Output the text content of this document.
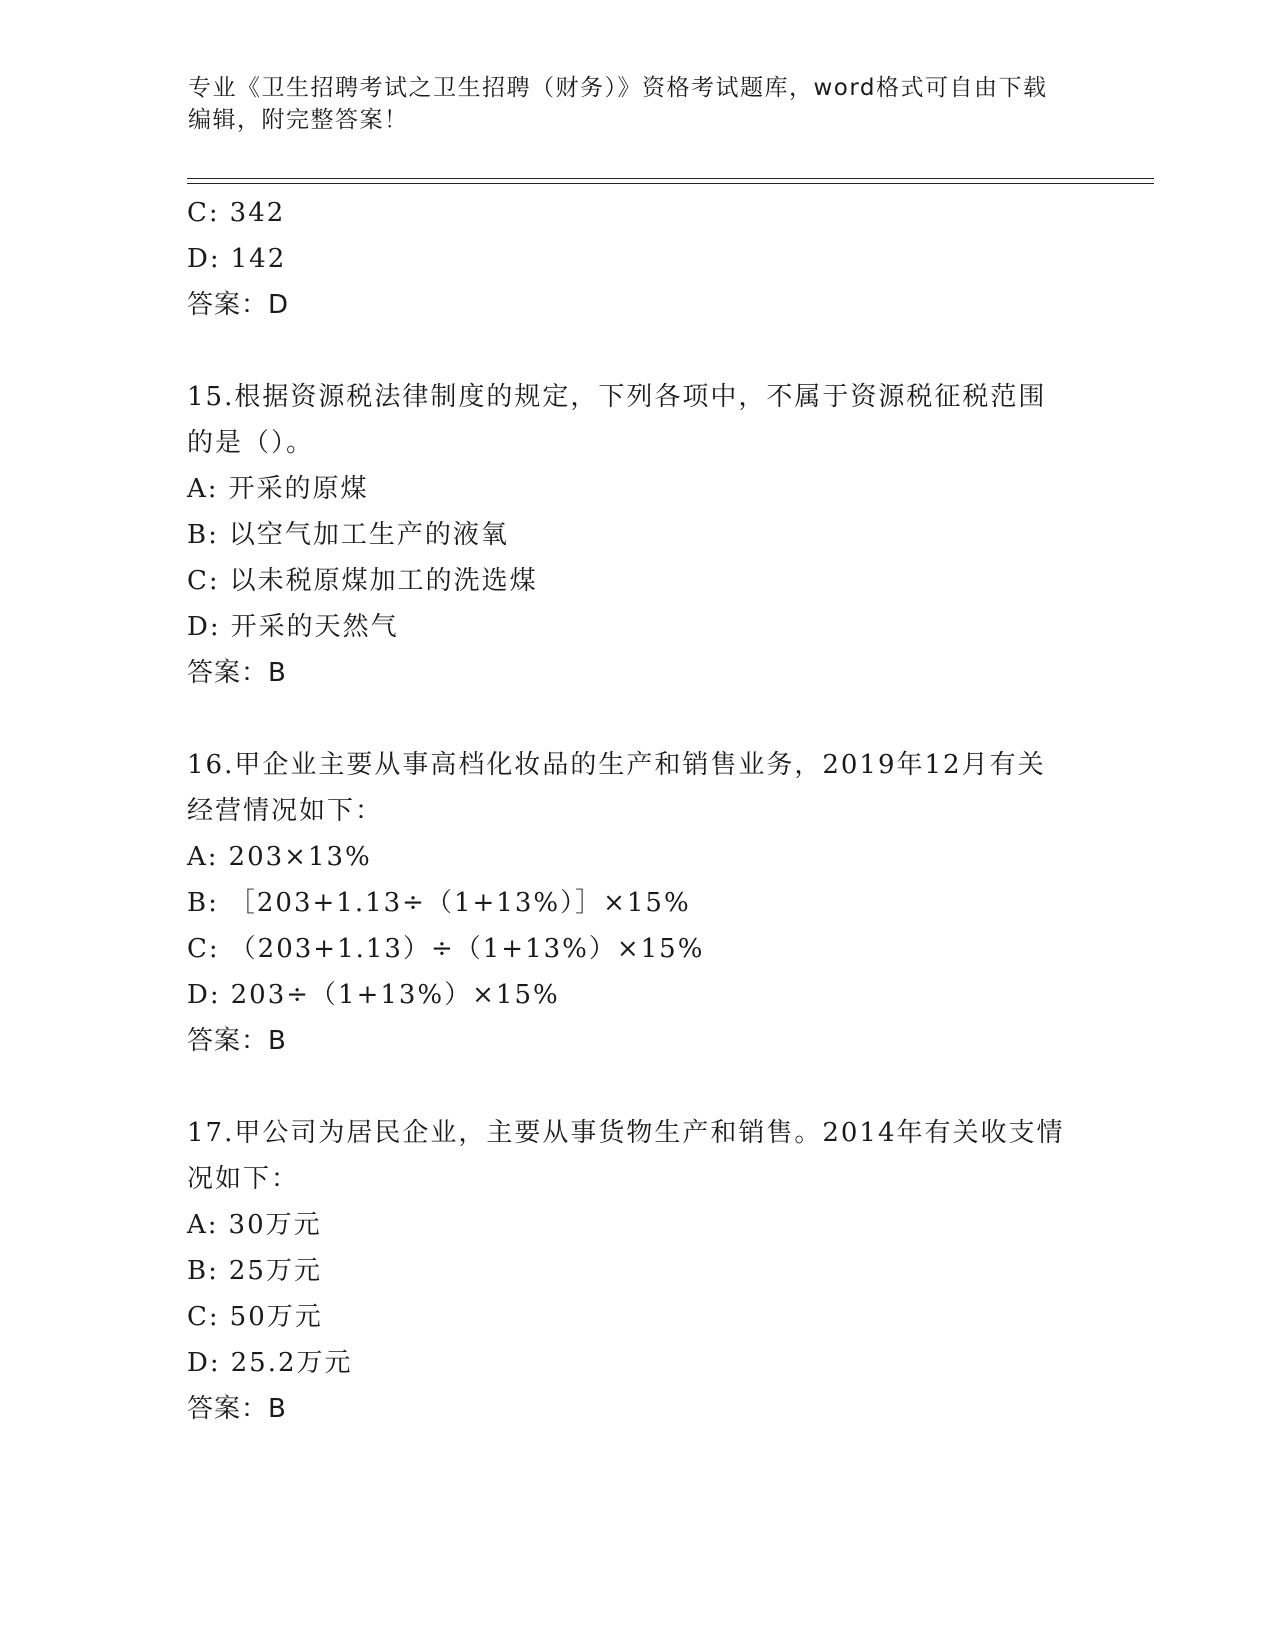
专业《卫生招聘考试之卫生招聘（财务）》资格考试题库，word格式可自由下载
编辑，附完整答案！
C: 342
D: 142
答案：D
15.根据资源税法律制度的规定，下列各项中，不属于资源税征税范围
的是（）。
A: 开采的原煤
B: 以空气加工生产的液氧
C: 以未税原煤加工的洗选煤
D: 开采的天然气
答案：B
16.甲企业主要从事高档化妆品的生产和销售业务，2019年12月有关
经营情况如下：
A: 203×13%
B: ［203+1.13÷（1+13%）］×15%
C: （203+1.13）÷（1+13%）×15%
D: 203÷（1+13%）×15%
答案：B
17.甲公司为居民企业，主要从事货物生产和销售。2014年有关收支情
况如下：
A: 30万元
B: 25万元
C: 50万元
D: 25.2万元
答案：B
